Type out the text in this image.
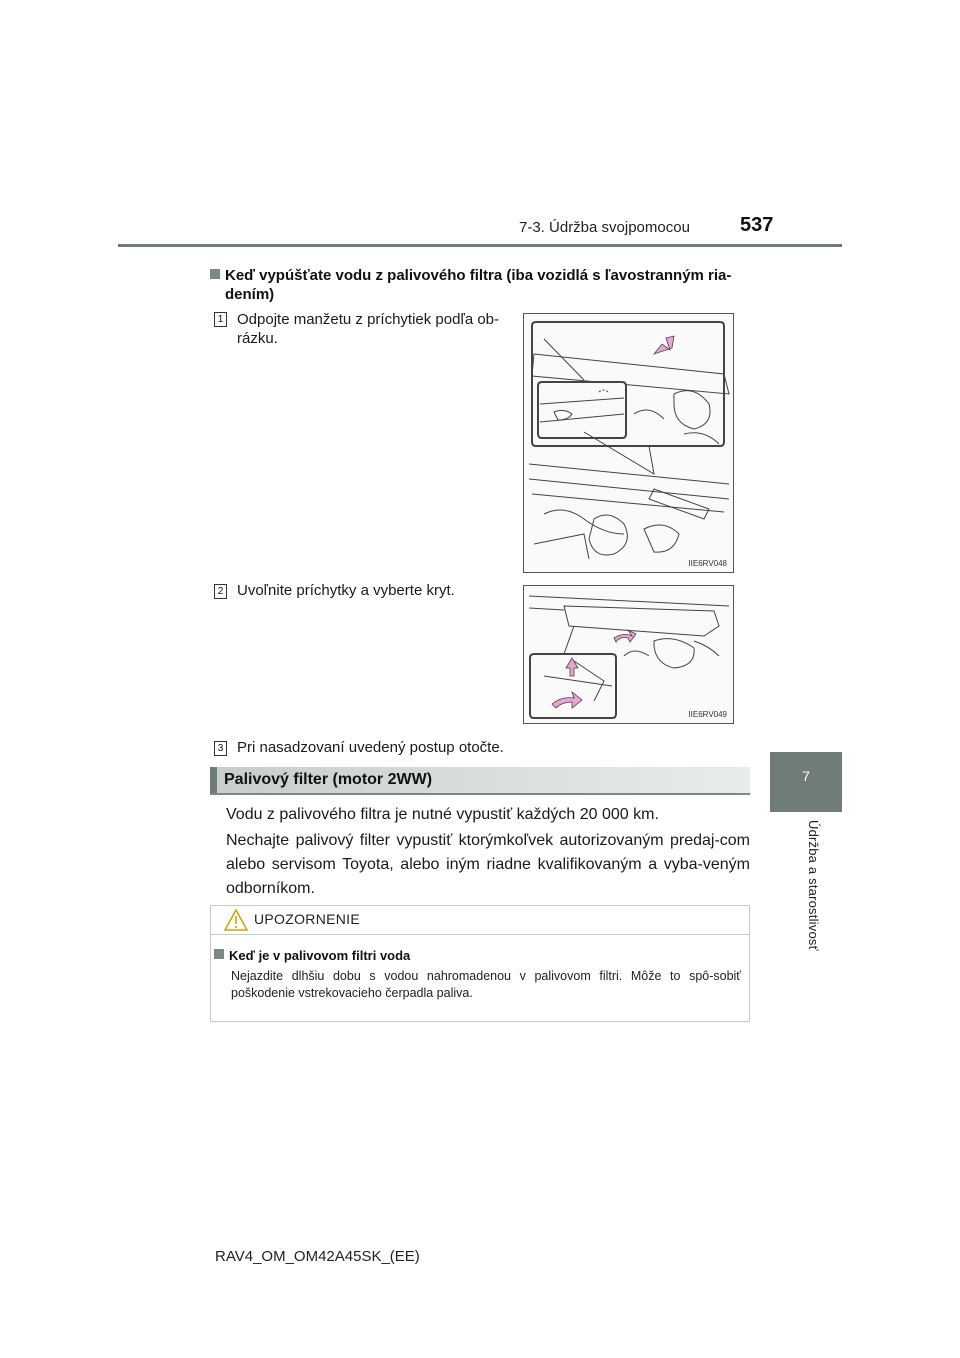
7-3. Údržba svojpomocou	537
7
Údržba a starostlivosť
Keď vypúšťate vodu z palivového filtra (iba vozidlá s ľavostranným ria-
dením)
1 Odpojte manžetu z príchytiek podľa ob-
rázku.
IIE6RV048
2 Uvoľnite príchytky a vyberte kryt.
IIE6RV049
3 Pri nasadzovaní uvedený postup otočte.
Palivový filter (motor 2WW)
Vodu z palivového filtra je nutné vypustiť každých 20 000 km.
Nechajte palivový filter vypustiť ktorýmkoľvek autorizovaným predaj-com alebo servisom Toyota, alebo iným riadne kvalifikovaným a vyba-veným odborníkom.
UPOZORNENIE
Keď je v palivovom filtri voda
Nejazdite dlhšiu dobu s vodou nahromadenou v palivovom filtri. Môže to spô-sobiť poškodenie vstrekovacieho čerpadla paliva.
RAV4_OM_OM42A45SK_(EE)
